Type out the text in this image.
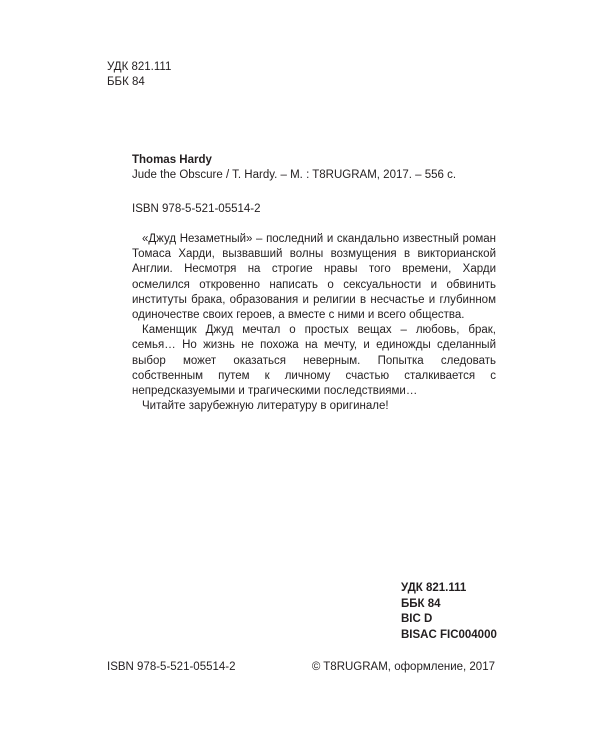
УДК 821.111
ББК 84
Thomas Hardy
Jude the Obscure / T. Hardy. – M. : T8RUGRAM, 2017. – 556 с.
ISBN 978-5-521-05514-2

«Джуд Незаметный» – последний и скандально известный роман Томаса Харди, вызвавший волны возмущения в викторианской Англии. Несмотря на строгие нравы того времени, Харди осмелился откровенно написать о сексуальности и обвинить институты брака, образования и религии в несчастье и глубинном одиночестве своих героев, а вместе с ними и всего общества.

Каменщик Джуд мечтал о простых вещах – любовь, брак, семья… Но жизнь не похожа на мечту, и единожды сделанный выбор может оказаться неверным. Попытка следовать собственным путем к личному счастью сталкивается с непредсказуемыми и трагическими последствиями…

Читайте зарубежную литературу в оригинале!

УДК 821.111
ББК 84
BIC D
BISAC FIC004000
ISBN 978-5-521-05514-2	© T8RUGRAM, оформление, 2017
